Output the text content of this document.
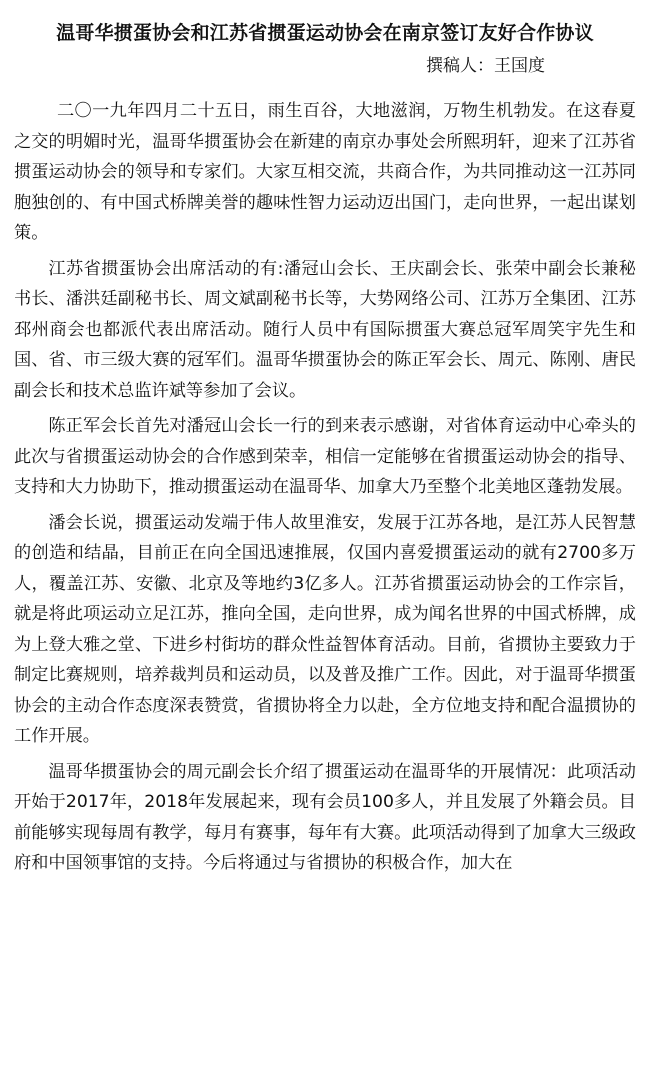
温哥华掼蛋协会和江苏省掼蛋运动协会在南京签订友好合作协议
撰稿人：王国度

二〇一九年四月二十五日，雨生百谷，大地滋润，万物生机勃发。在这春夏之交的明媚时光，温哥华掼蛋协会在新建的南京办事处会所熙玥轩，迎来了江苏省掼蛋运动协会的领导和专家们。大家互相交流，共商合作，为共同推动这一江苏同胞独创的、有中国式桥牌美誉的趣味性智力运动迈出国门，走向世界，一起出谋划策。

江苏省掼蛋协会出席活动的有:潘冠山会长、王庆副会长、张荣中副会长兼秘书长、潘洪廷副秘书长、周文斌副秘书长等，大势网络公司、江苏万全集团、江苏邳州商会也都派代表出席活动。随行人员中有国际掼蛋大赛总冠军周笑宇先生和国、省、市三级大赛的冠军们。温哥华掼蛋协会的陈正军会长、周元、陈刚、唐民副会长和技术总监许斌等参加了会议。

陈正军会长首先对潘冠山会长一行的到来表示感谢，对省体育运动中心牵头的此次与省掼蛋运动协会的合作感到荣幸，相信一定能够在省掼蛋运动协会的指导、支持和大力协助下，推动掼蛋运动在温哥华、加拿大乃至整个北美地区蓬勃发展。

潘会长说，掼蛋运动发端于伟人故里淮安，发展于江苏各地，是江苏人民智慧的创造和结晶，目前正在向全国迅速推展，仅国内喜爱掼蛋运动的就有2700多万人，覆盖江苏、安徽、北京及等地约3亿多人。江苏省掼蛋运动协会的工作宗旨，就是将此项运动立足江苏，推向全国，走向世界，成为闻名世界的中国式桥牌，成为上登大雅之堂、下进乡村街坊的群众性益智体育活动。目前，省掼协主要致力于制定比赛规则，培养裁判员和运动员，以及普及推广工作。因此，对于温哥华掼蛋协会的主动合作态度深表赞赏，省掼协将全力以赴，全方位地支持和配合温掼协的工作开展。

温哥华掼蛋协会的周元副会长介绍了掼蛋运动在温哥华的开展情况：此项活动开始于2017年，2018年发展起来，现有会员100多人，并且发展了外籍会员。目前能够实现每周有教学，每月有赛事，每年有大赛。此项活动得到了加拿大三级政府和中国领事馆的支持。今后将通过与省掼协的积极合作，加大在
